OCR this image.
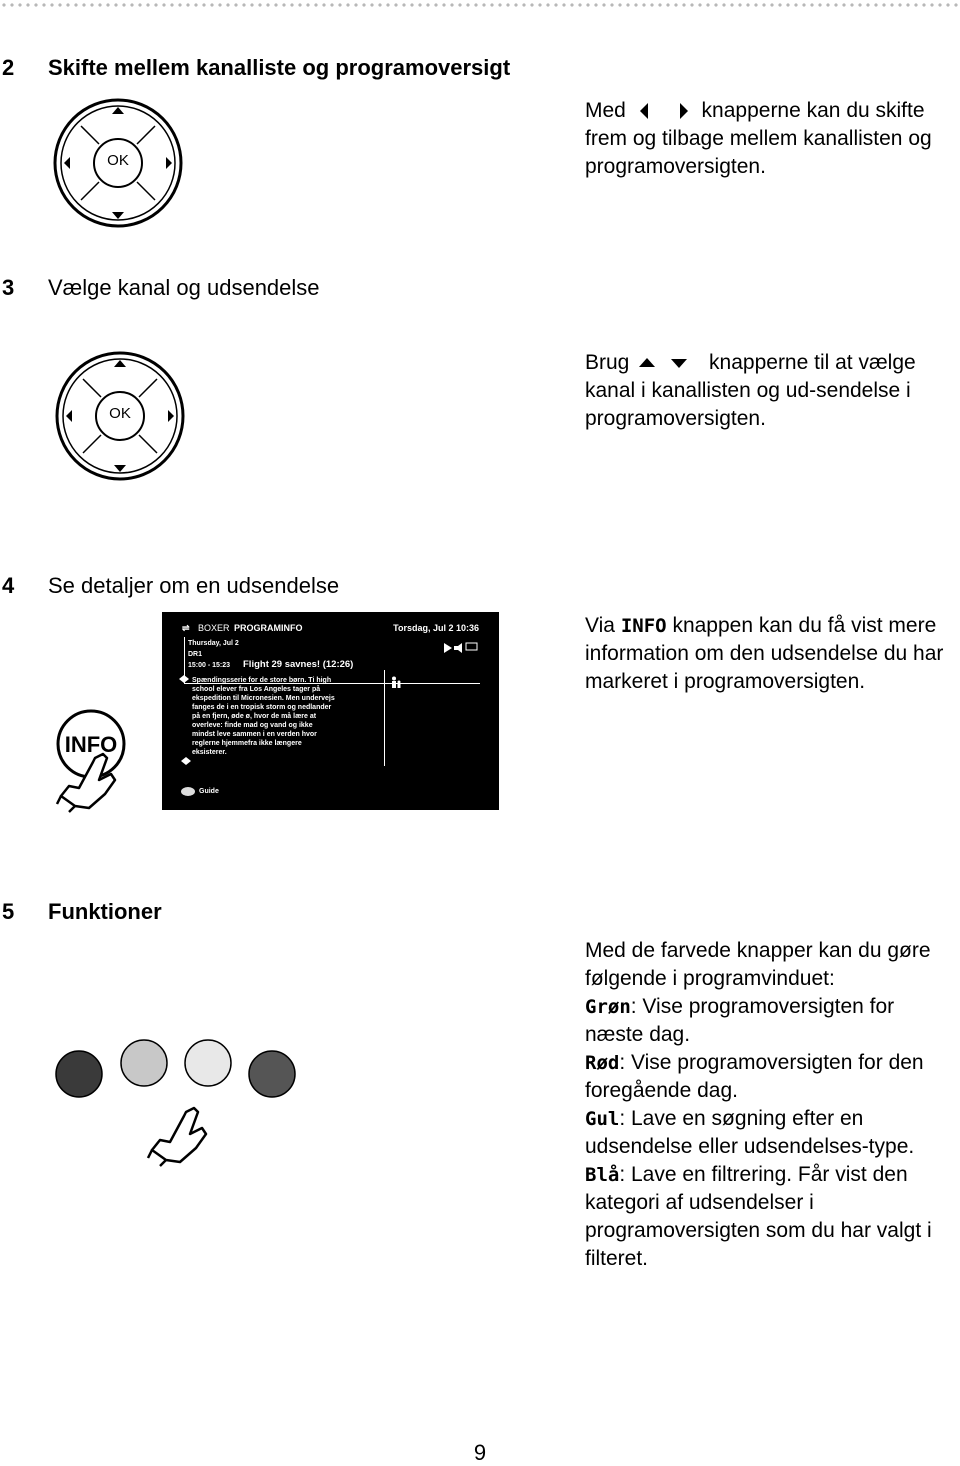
2 Skifte mellem kanalliste og programoversigt
OK

Med	knapperne kan du skifte frem og tilbage mellem kanallisten og programoversigten.

3 Vælge kanal og udsendelse
OK

Brug	knapperne til at vælge kanal i kanallisten og ud-sendelse i programoversigten.

4 Se detaljer om en udsendelse
INFO
⇌ BOXER PROGRAMINFO	Torsdag, Jul 2 10:36
Thursday, Jul 2
DR1
15:00 - 15:23 Flight 29 savnes! (12:26)
Spændingsserie for de store børn. Ti high
school elever fra Los Angeles tager på
ekspedition til Micronesien. Men undervejs
fanges de i en tropisk storm og nedlander
på en fjern, øde ø, hvor de må lære at
overleve: finde mad og vand og ikke
mindst leve sammen i en verden hvor
reglerne hjemmefra ikke længere
eksisterer.
Guide

Via INFO knappen kan du få vist mere information om den udsendelse du har markeret i programoversigten.

5 Funktioner

Med de farvede knapper kan du gøre følgende i programvinduet:

Grøn: Vise programoversigten for næste dag.

Rød: Vise programoversigten for den foregående dag.

Gul: Lave en søgning efter en udsendelse eller udsendelses-type.

Blå: Lave en filtrering. Får vist den kategori af udsendelser i programoversigten som du har valgt i filteret.

9
